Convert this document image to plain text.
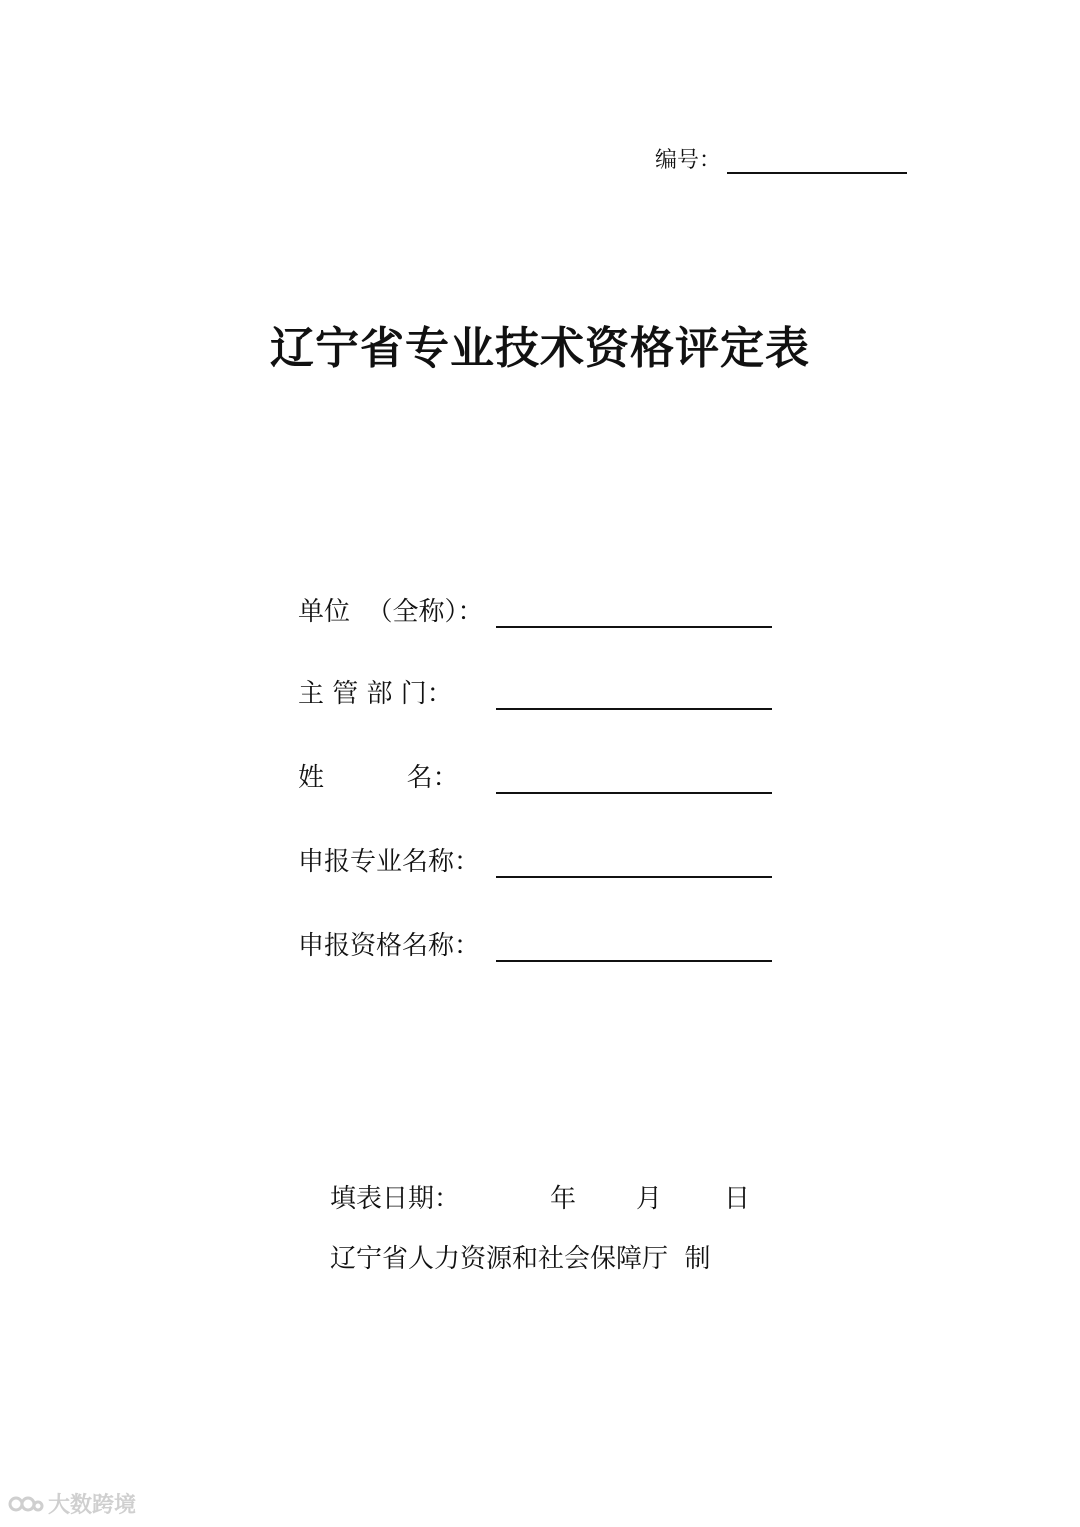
编号：
辽宁省专业技术资格评定表
单位  （全称）：
主 管 部 门：
姓          名：
申报专业名称：
申报资格名称：
填表日期：	年 月 日
辽宁省人力资源和社会保障厅  制
大数跨境
